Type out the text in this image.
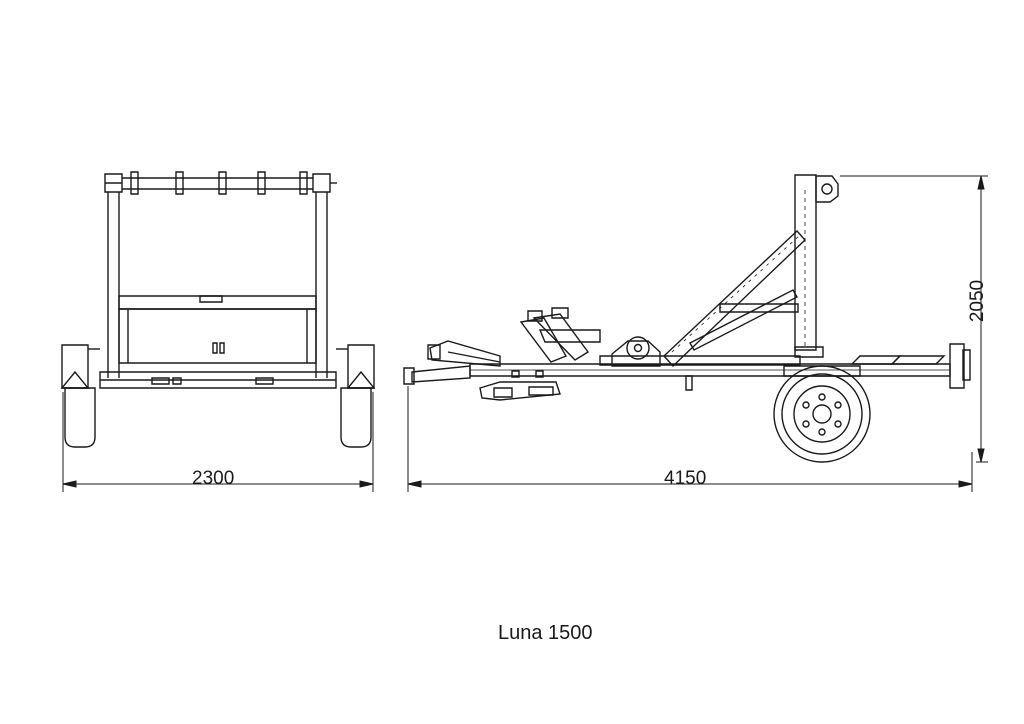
2300	4150
2050
Luna 1500
